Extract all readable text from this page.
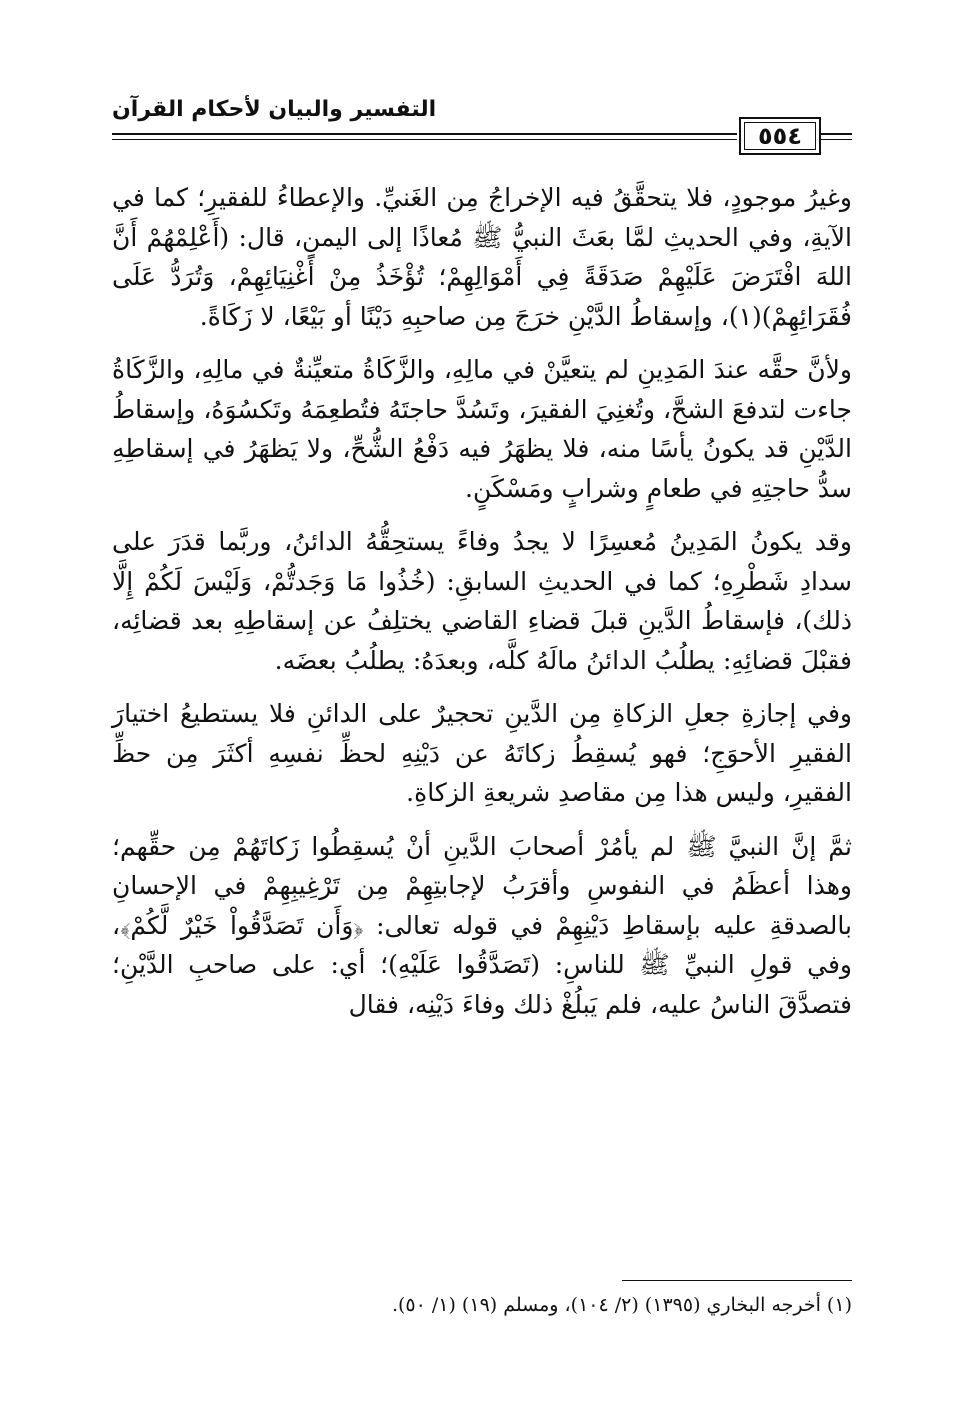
التفسير والبيان لأحكام القرآن
٥٥٤

وغيرُ موجودٍ، فلا يتحقَّقُ فيه الإخراجُ مِن الغَنيِّ. والإعطاءُ للفقيرِ؛ كما في الآيةِ، وفي الحديثِ لمَّا بعَثَ النبيُّ ﷺ مُعاذًا إلى اليمنِ، قال: (أَعْلِمْهُمْ أَنَّ اللهَ افْتَرَضَ عَلَيْهِمْ صَدَقَةً فِي أَمْوَالِهِمْ؛ تُؤْخَذُ مِنْ أَغْنِيَائِهِمْ، وَتُرَدُّ عَلَى فُقَرَائِهِمْ)(١)، وإسقاطُ الدَّيْنِ خرَجَ مِن صاحبِهِ دَيْنًا أو بَيْعًا، لا زَكَاةً.

ولأنَّ حقَّه عندَ المَدِينِ لم يتعيَّنْ في مالِهِ، والزَّكَاةُ متعيِّنةٌ في مالِهِ، والزَّكَاةُ جاءت لتدفعَ الشحَّ، وتُغنِيَ الفقيرَ، وتَسُدَّ حاجتَهُ فتُطعِمَهُ وتَكسُوَهُ، وإسقاطُ الدَّيْنِ قد يكونُ يأسًا منه، فلا يظهَرُ فيه دَفْعُ الشُّحِّ، ولا يَظهَرُ في إسقاطِهِ سدُّ حاجتِهِ في طعامٍ وشرابٍ ومَسْكَنٍ.

وقد يكونُ المَدِينُ مُعسِرًا لا يجدُ وفاءً يستحِقُّهُ الدائنُ، وربَّما قدَرَ على سدادِ شَطْرِهِ؛ كما في الحديثِ السابقِ: (خُذُوا مَا وَجَدتُّمْ، وَلَيْسَ لَكُمْ إِلَّا ذلك)، فإسقاطُ الدَّينِ قبلَ قضاءِ القاضي يختلِفُ عن إسقاطِهِ بعد قضائِه، فقبْلَ قضائِهِ: يطلُبُ الدائنُ مالَهُ كلَّه، وبعدَهُ: يطلُبُ بعضَه.

وفي إجازةِ جعلِ الزكاةِ مِن الدَّينِ تحجيرٌ على الدائنِ فلا يستطيعُ اختيارَ الفقيرِ الأحوَجِ؛ فهو يُسقِطُ زكاتَهُ عن دَيْنِهِ لحظِّ نفسِهِ أكثَرَ مِن حظِّ الفقيرِ، وليس هذا مِن مقاصدِ شريعةِ الزكاةِ.

ثمَّ إنَّ النبيَّ ﷺ لم يأمُرْ أصحابَ الدَّينِ أنْ يُسقِطُوا زَكاتَهُمْ مِن حقِّهم؛ وهذا أعظَمُ في النفوسِ وأقرَبُ لإجابتِهِمْ مِن تَرْغِيبِهِمْ في الإحسانِ بالصدقةِ عليه بإسقاطِ دَيْنِهِمْ في قوله تعالى: ﴿وَأَن تَصَدَّقُواْ خَيْرٌ لَّكُمْ﴾، وفي قولِ النبيِّ ﷺ للناسِ: (تَصَدَّقُوا عَلَيْهِ)؛ أي: على صاحبِ الدَّيْنِ؛ فتصدَّقَ الناسُ عليه، فلم يَبلُغْ ذلك وفاءَ دَيْنِه، فقال

(١) أخرجه البخاري (١٣٩٥) (٢/ ١٠٤)، ومسلم (١٩) (١/ ٥٠).
